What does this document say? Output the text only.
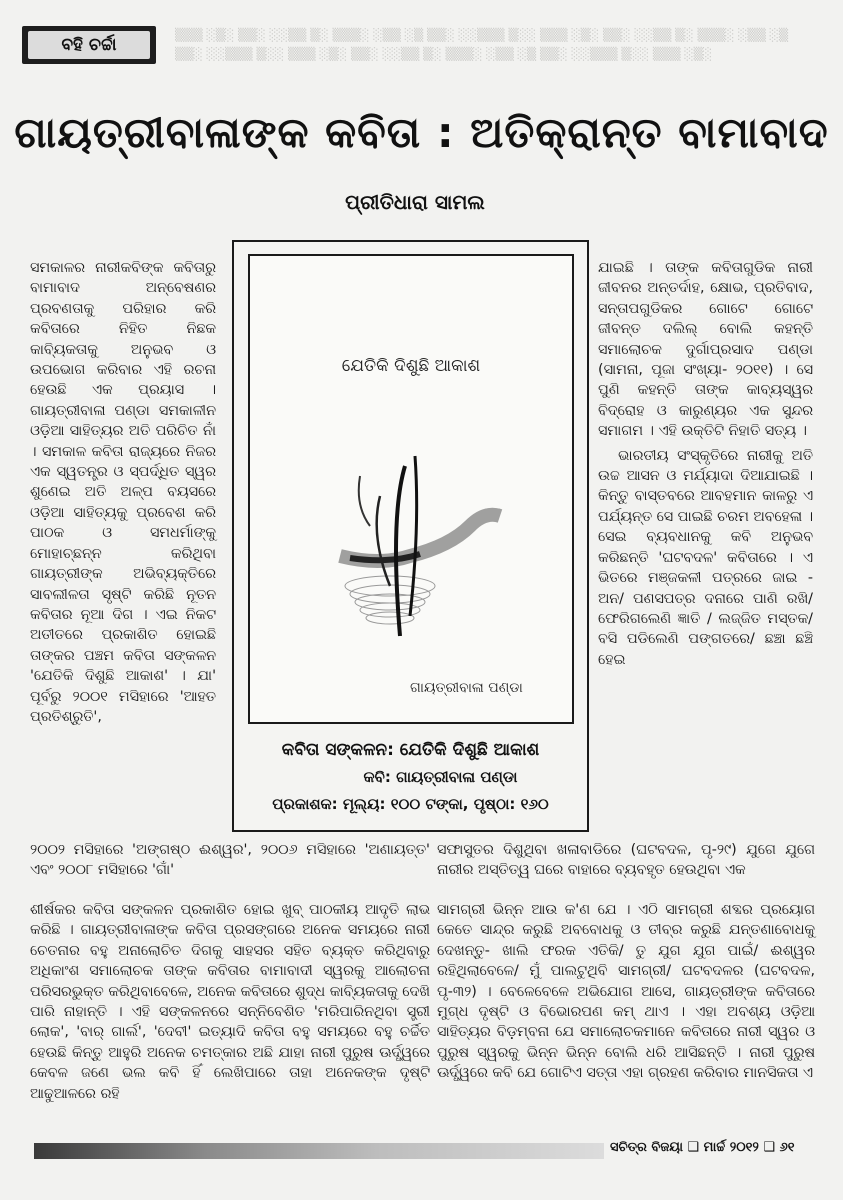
▒▒▒ ░▒░ ▒▒░ ░░▒▒ ▒░ ▒▒▒░ ░▒▒ ░▒ ▒▒░ ░░▒▒▒ ▒░░ ▒▒▒ ░▒░ ▒▒░ ░░▒▒ ▒░ ▒▒▒░ ░▒▒ ░▒ ▒▒░ ░░▒▒▒ ▒░░ ▒▒▒ ░▒░ ▒▒░ ░░▒▒ ▒░ ▒▒▒░ ░▒▒ ░▒ ▒▒░ ░░▒▒▒ ▒░░ ▒▒▒ ░▒░
ବହି ଚର୍ଚ୍ଚା
ଗାୟତ୍ରୀବାଳାଙ୍କ କବିତା : ଅତିକ୍ରାନ୍ତ ବାମାବାଦ
ପ୍ରୀତିଧାରା ସାମଲ

ସମକାଳର ନାରୀକବିଙ୍କ କବିତାରୁ ବାମାବାଦ ଅନ୍ବେଷଣର ପ୍ରବଣତାକୁ ପରିହାର କରି କବିତାରେ ନିହିତ ନିଛକ କାବ୍ୟିକତାକୁ ଅନୁଭବ ଓ ଉପଭୋଗ କରିବାର ଏହି ରଚନା ହେଉଛି ଏକ ପ୍ରୟାସ । ଗାୟତ୍ରୀବାଳା ପଣ୍ଡା ସମକାଳୀନ ଓଡ଼ିଆ ସାହିତ୍ୟର ଅତି ପରିଚିତ ନାଁ । ସମକାଳ କବିତା ରାଜ୍ୟରେ ନିଜର ଏକ ସ୍ୱତନ୍ତ୍ର ଓ ସ୍ପର୍ଦ୍ଧିତ ସ୍ୱର ଶୁଣେଇ ଅତି ଅଳ୍ପ ବୟସରେ ଓଡ଼ିଆ ସାହିତ୍ୟକୁ ପ୍ରବେଶ କରି ପାଠକ ଓ ସମଧର୍ମାଙ୍କୁ ମୋହାଚ୍ଛନ୍ନ କରିଥିବା ଗାୟତ୍ରୀଙ୍କ ଅଭିବ୍ୟକ୍ତିରେ ସାବଲୀଳତା ସୃଷ୍ଟି କରିଛି ନୂତନ କବିତାର ନୂଆ ଦିଗ । ଏଇ ନିକଟ ଅତୀତରେ ପ୍ରକାଶିତ ହୋଇଛି ତାଙ୍କର ପଞ୍ଚମ କବିତା ସଙ୍କଳନ 'ଯେତିକି ଦିଶୁଛି ଆକାଶ' । ଯା' ପୂର୍ବରୁ ୨୦୦୧ ମସିହାରେ 'ଆହତ ପ୍ରତିଶ୍ରୁତି',

ଯାଇଛି । ତାଙ୍କ କବିତାଗୁଡିକ ନାରୀ ଜୀବନର ଅନ୍ତର୍ଦାହ, କ୍ଷୋଭ, ପ୍ରତିବାଦ, ସନ୍ତାପଗୁଡିକର ଗୋଟେ ଗୋଟେ ଜୀବନ୍ତ ଦଲିଲ୍ ବୋଲି କହନ୍ତି ସମାଲୋଚକ ଦୁର୍ଗାପ୍ରସାଦ ପଣ୍ଡା (ସାମନା, ପୂଜା ସଂଖ୍ୟା- ୨୦୧୧) । ସେ ପୁଣି କହନ୍ତି ତାଙ୍କ କାବ୍ୟସ୍ୱର ବିଦ୍ରୋହ ଓ କାରୁଣ୍ୟର ଏକ ସୁନ୍ଦର ସମାଗମ । ଏହି ଉକ୍ତିଟି ନିହାତି ସତ୍ୟ ।

ଭାରତୀୟ ସଂସ୍କୃତିରେ ନାରୀକୁ ଅତି ଉଚ୍ଚ ଆସନ ଓ ମର୍ଯ୍ୟାଦା ଦିଆଯାଇଛି । କିନ୍ତୁ ବାସ୍ତବରେ ଆବହମାନ କାଳରୁ ଏ ପର୍ଯ୍ୟନ୍ତ ସେ ପାଇଛି ଚରମ ଅବହେଳା । ସେଇ ବ୍ୟବଧାନକୁ କବି ଅନୁଭବ କରିଛନ୍ତି 'ଘଟବଦଳ' କବିତାରେ । ଏ ଭିତରେ ମଞ୍ଜକଳୀ ପତ୍ରରେ ଜାଇ - ଅନ/ ପଣସପତ୍ର ଦନାରେ ପାଣି ରଖି/ ଫେରିଗଲେଣି ଜ୍ଞାତି / ଲଜ୍ଜିତ ମସ୍ତକ/ ବସି ପଡିଲେଣି ପଙ୍ଗତରେ/ ଛଞ୍ଚା ଛଞ୍ଚି ହେଇ

ଯେତିକି ଦିଶୁଛି ଆକାଶ
ଗାୟତ୍ରୀବାଳା ପଣ୍ଡା
କବିତା ସଙ୍କଳନ: ଯେତିକି ଦିଶୁଛି ଆକାଶ
କବି: ଗାୟତ୍ରୀବାଳା ପଣ୍ଡା
ପ୍ରକାଶକ: ମୂଲ୍ୟ: ୧୦୦ ଟଙ୍କା, ପୃଷ୍ଠା: ୧୬୦

୨୦୦୨ ମସିହାରେ 'ଅଙ୍ଗଷ୍ଠ ଈଶ୍ୱର', ୨୦୦୬ ମସିହାରେ 'ଅଣାୟତ୍ତ' ଏବଂ ୨୦୦୮ ମସିହାରେ 'ଗାଁ'

ସଫାସୁତର ଦିଶୁଥିବା ଖଳାବାଡିରେ (ଘଟବଦଳ, ପୃ-୨୯) ଯୁଗେ ଯୁଗେ ନାରୀର ଅସ୍ତିତ୍ୱ ଘରେ ବାହାରେ ବ୍ୟବହୃତ ହେଉଥିବା ଏକ

ଶୀର୍ଷକର କବିତା ସଙ୍କଳନ ପ୍ରକାଶିତ ହୋଇ ଖୁବ୍ ପାଠକୀୟ ଆଦୃତି ଲାଭ କରିଛି । ଗାୟତ୍ରୀବାଳାଙ୍କ କବିତା ପ୍ରସଙ୍ଗରେ ଅନେକ ସମୟରେ ନାରୀ ଚେତନାର ବହୁ ଅନାଲୋଚିତ ଦିଗକୁ ସାହସର ସହିତ ବ୍ୟକ୍ତ କରିଥିବାରୁ ଅଧିକାଂଶ ସମାଲୋଚକ ତାଙ୍କ କବିତାର ବାମାବାଦୀ ସ୍ୱରକୁ ଆଲୋଚନା ପରିସରଭୁକ୍ତ କରିଥିବାବେଳେ, ଅନେକ କବିତାରେ ଶୁଦ୍ଧ କାବ୍ୟିକତାକୁ ଦେଖି ପାରି ନାହାନ୍ତି । ଏହି ସଙ୍କଳନରେ ସନ୍ନିବେଶିତ 'ମରିପାରିନଥିବା ସ୍ତ୍ରୀ ଲୋକ', 'ବାର୍ ଗାର୍ଲ', 'ଦେବୀ' ଇତ୍ୟାଦି କବିତା ବହୁ ସମୟରେ ବହୁ ଚର୍ଚ୍ଚିତ ହେଉଛି କିନ୍ତୁ ଆହୁରି ଅନେକ ଚମତ୍କାର ଅଛି ଯାହା ନାରୀ ପୁରୁଷ ଊର୍ଦ୍ଧ୍ୱରେ କେବଳ ଜଣେ ଭଲ କବି ହିଁ ଲେଖିପାରେ ତାହା ଅନେକଙ୍କ ଦୃଷ୍ଟି ଆଢୁଆଳରେ ରହି

ସାମଗ୍ରୀ ଭିନ୍ନ ଆଉ କ'ଣ ଯେ । ଏଠି ସାମଗ୍ରୀ ଶବ୍ଦର ପ୍ରୟୋଗ କେତେ ସାନ୍ଦ୍ର କରୁଛି ଅବବୋଧକୁ ଓ ତୀବ୍ର କରୁଛି ଯନ୍ତଣାବୋଧକୁ ଦେଖନ୍ତୁ- ଖାଲି ଫରକ ଏତିକି/ ତୁ ଯୁଗ ଯୁଗ ପାଇଁ/ ଈଶ୍ୱର ରହିଥିଲାବେଳେ/ ମୁଁ ପାଲଟୁଥିବି ସାମଗ୍ରୀ/ ଘଟବଦଳର (ଘଟବଦଳ, ପୃ-୩୨) । ବେଳେବେଳେ ଅଭିଯୋଗ ଆସେ, ଗାୟତ୍ରୀଙ୍କ କବିତାରେ ମୁଗ୍ଧ ଦୃଷ୍ଟି ଓ ବିଭୋରପଣ କମ୍ ଥାଏ । ଏହା ଅବଶ୍ୟ ଓଡ଼ିଆ ସାହିତ୍ୟର ବିଡ଼ମ୍ବନା ଯେ ସମାଲୋଚକମାନେ କବିତାରେ ନାରୀ ସ୍ୱର ଓ ପୁରୁଷ ସ୍ୱରକୁ ଭିନ୍ନ ଭିନ୍ନ ବୋଲି ଧରି ଆସିଛନ୍ତି । ନାରୀ ପୁରୁଷ ଊର୍ଦ୍ଧ୍ୱରେ କବି ଯେ ଗୋଟିଏ ସତ୍ତା ଏହା ଗ୍ରହଣ କରିବାର ମାନସିକତା ଏ

ସଚିତ୍ର ବିଜୟା ❑ ମାର୍ଚ୍ଚ ୨୦୧୨ ❑ ୬୧
